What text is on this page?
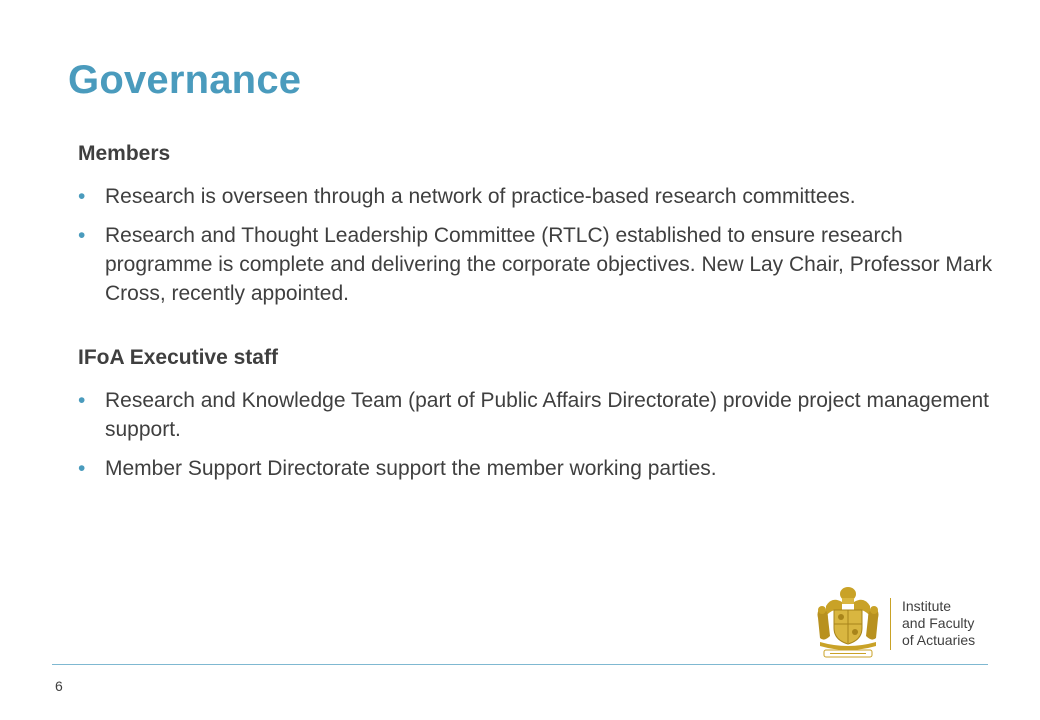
Governance
Members
• Research is overseen through a network of practice-based research committees.
• Research and Thought Leadership Committee (RTLC) established to ensure research programme is complete and delivering the corporate objectives. New Lay Chair, Professor Mark Cross, recently appointed.
IFoA Executive staff
• Research and Knowledge Team (part of Public Affairs Directorate) provide project management support.
• Member Support Directorate support the member working parties.
Institute
and Faculty
of Actuaries
6
